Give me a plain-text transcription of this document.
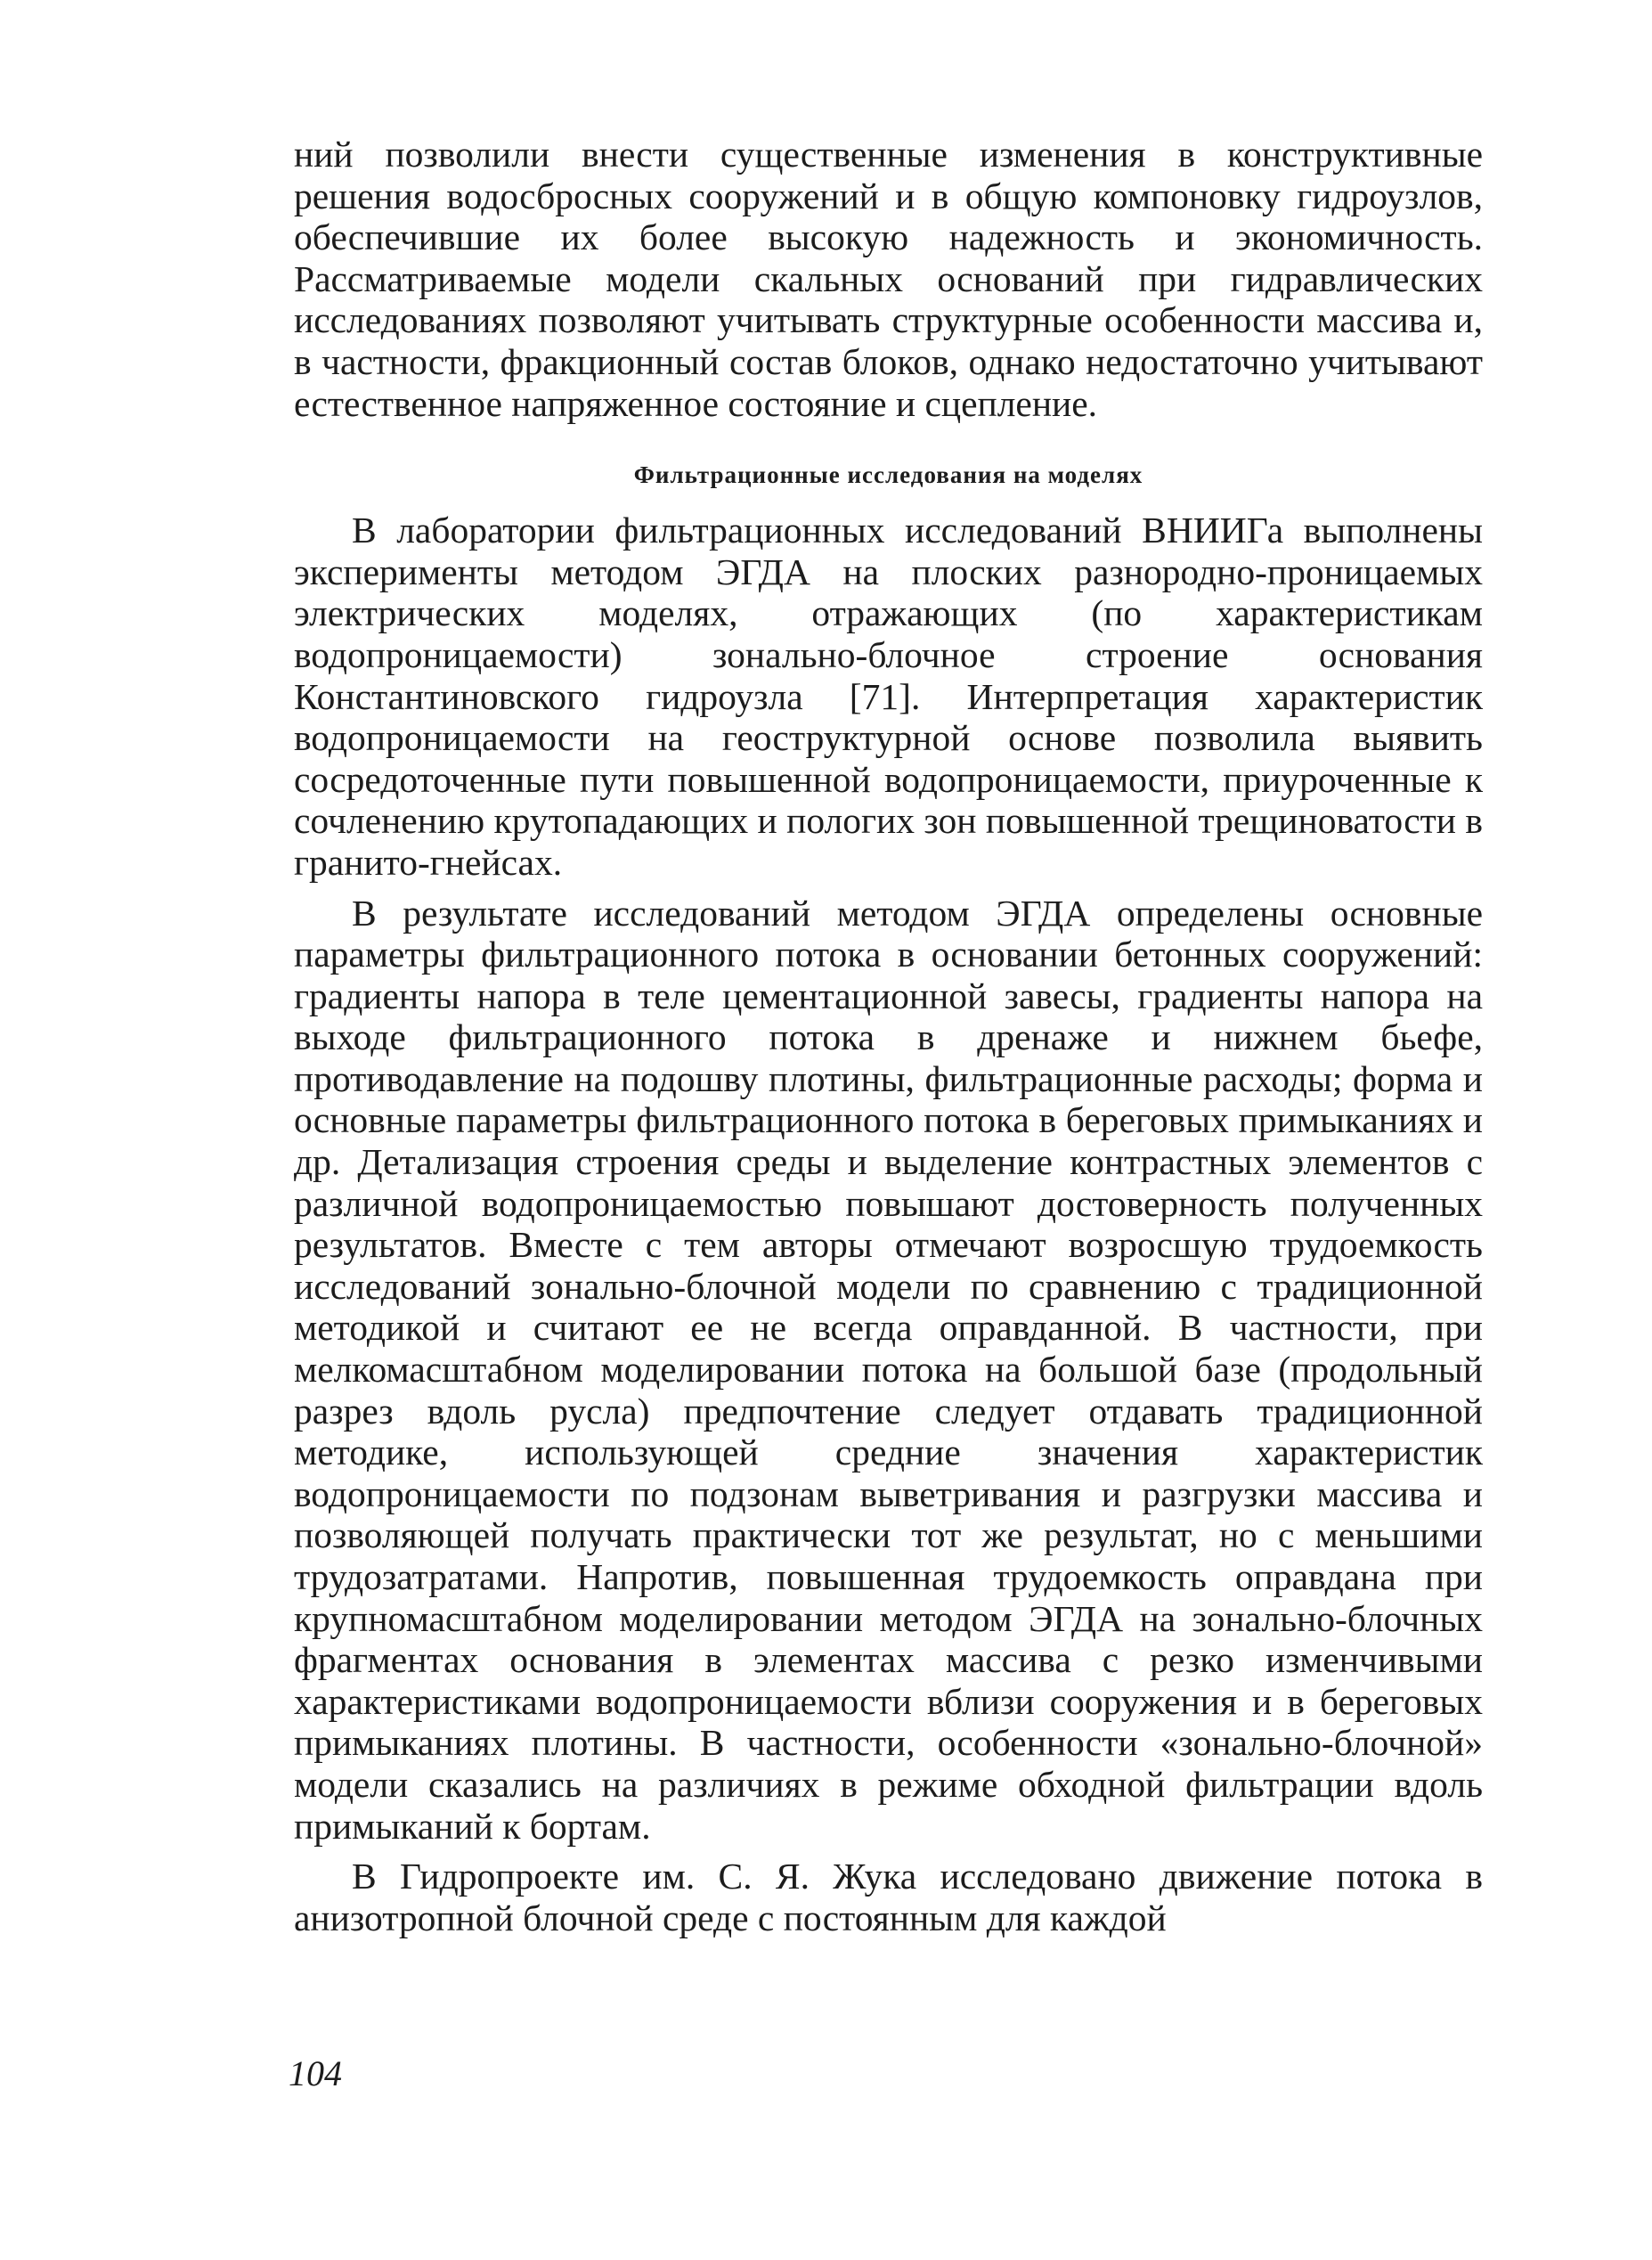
ний позволили внести существенные изменения в конструктивные решения водосбросных сооружений и в общую компоновку гидроузлов, обеспечившие их более высокую надежность и экономичность. Рассматриваемые модели скальных оснований при гидравлических исследованиях позволяют учитывать структурные особенности массива и, в частности, фракционный состав блоков, однако недостаточно учитывают естественное напряженное состояние и сцепление.

Фильтрационные исследования на моделях

В лаборатории фильтрационных исследований ВНИИГа выполнены эксперименты методом ЭГДА на плоских разнородно-проницаемых электрических моделях, отражающих (по характеристикам водопроницаемости) зонально-блочное строение основания Константиновского гидроузла [71]. Интерпретация характеристик водопроницаемости на геоструктурной основе позволила выявить сосредоточенные пути повышенной водопроницаемости, приуроченные к сочленению крутопадающих и пологих зон повышенной трещиноватости в гранито-гнейсах.

В результате исследований методом ЭГДА определены основные параметры фильтрационного потока в основании бетонных сооружений: градиенты напора в теле цементационной завесы, градиенты напора на выходе фильтрационного потока в дренаже и нижнем бьефе, противодавление на подошву плотины, фильтрационные расходы; форма и основные параметры фильтрационного потока в береговых примыканиях и др. Детализация строения среды и выделение контрастных элементов с различной водопроницаемостью повышают достоверность полученных результатов. Вместе с тем авторы отмечают возросшую трудоемкость исследований зонально-блочной модели по сравнению с традиционной методикой и считают ее не всегда оправданной. В частности, при мелкомасштабном моделировании потока на большой базе (продольный разрез вдоль русла) предпочтение следует отдавать традиционной методике, использующей средние значения характеристик водопроницаемости по подзонам выветривания и разгрузки массива и позволяющей получать практически тот же результат, но с меньшими трудозатратами. Напротив, повышенная трудоемкость оправдана при крупномасштабном моделировании методом ЭГДА на зонально-блочных фрагментах основания в элементах массива с резко изменчивыми характеристиками водопроницаемости вблизи сооружения и в береговых примыканиях плотины. В частности, особенности «зонально-блочной» модели сказались на различиях в режиме обходной фильтрации вдоль примыканий к бортам.

В Гидропроекте им. С. Я. Жука исследовано движение потока в анизотропной блочной среде с постоянным для каждой

104
